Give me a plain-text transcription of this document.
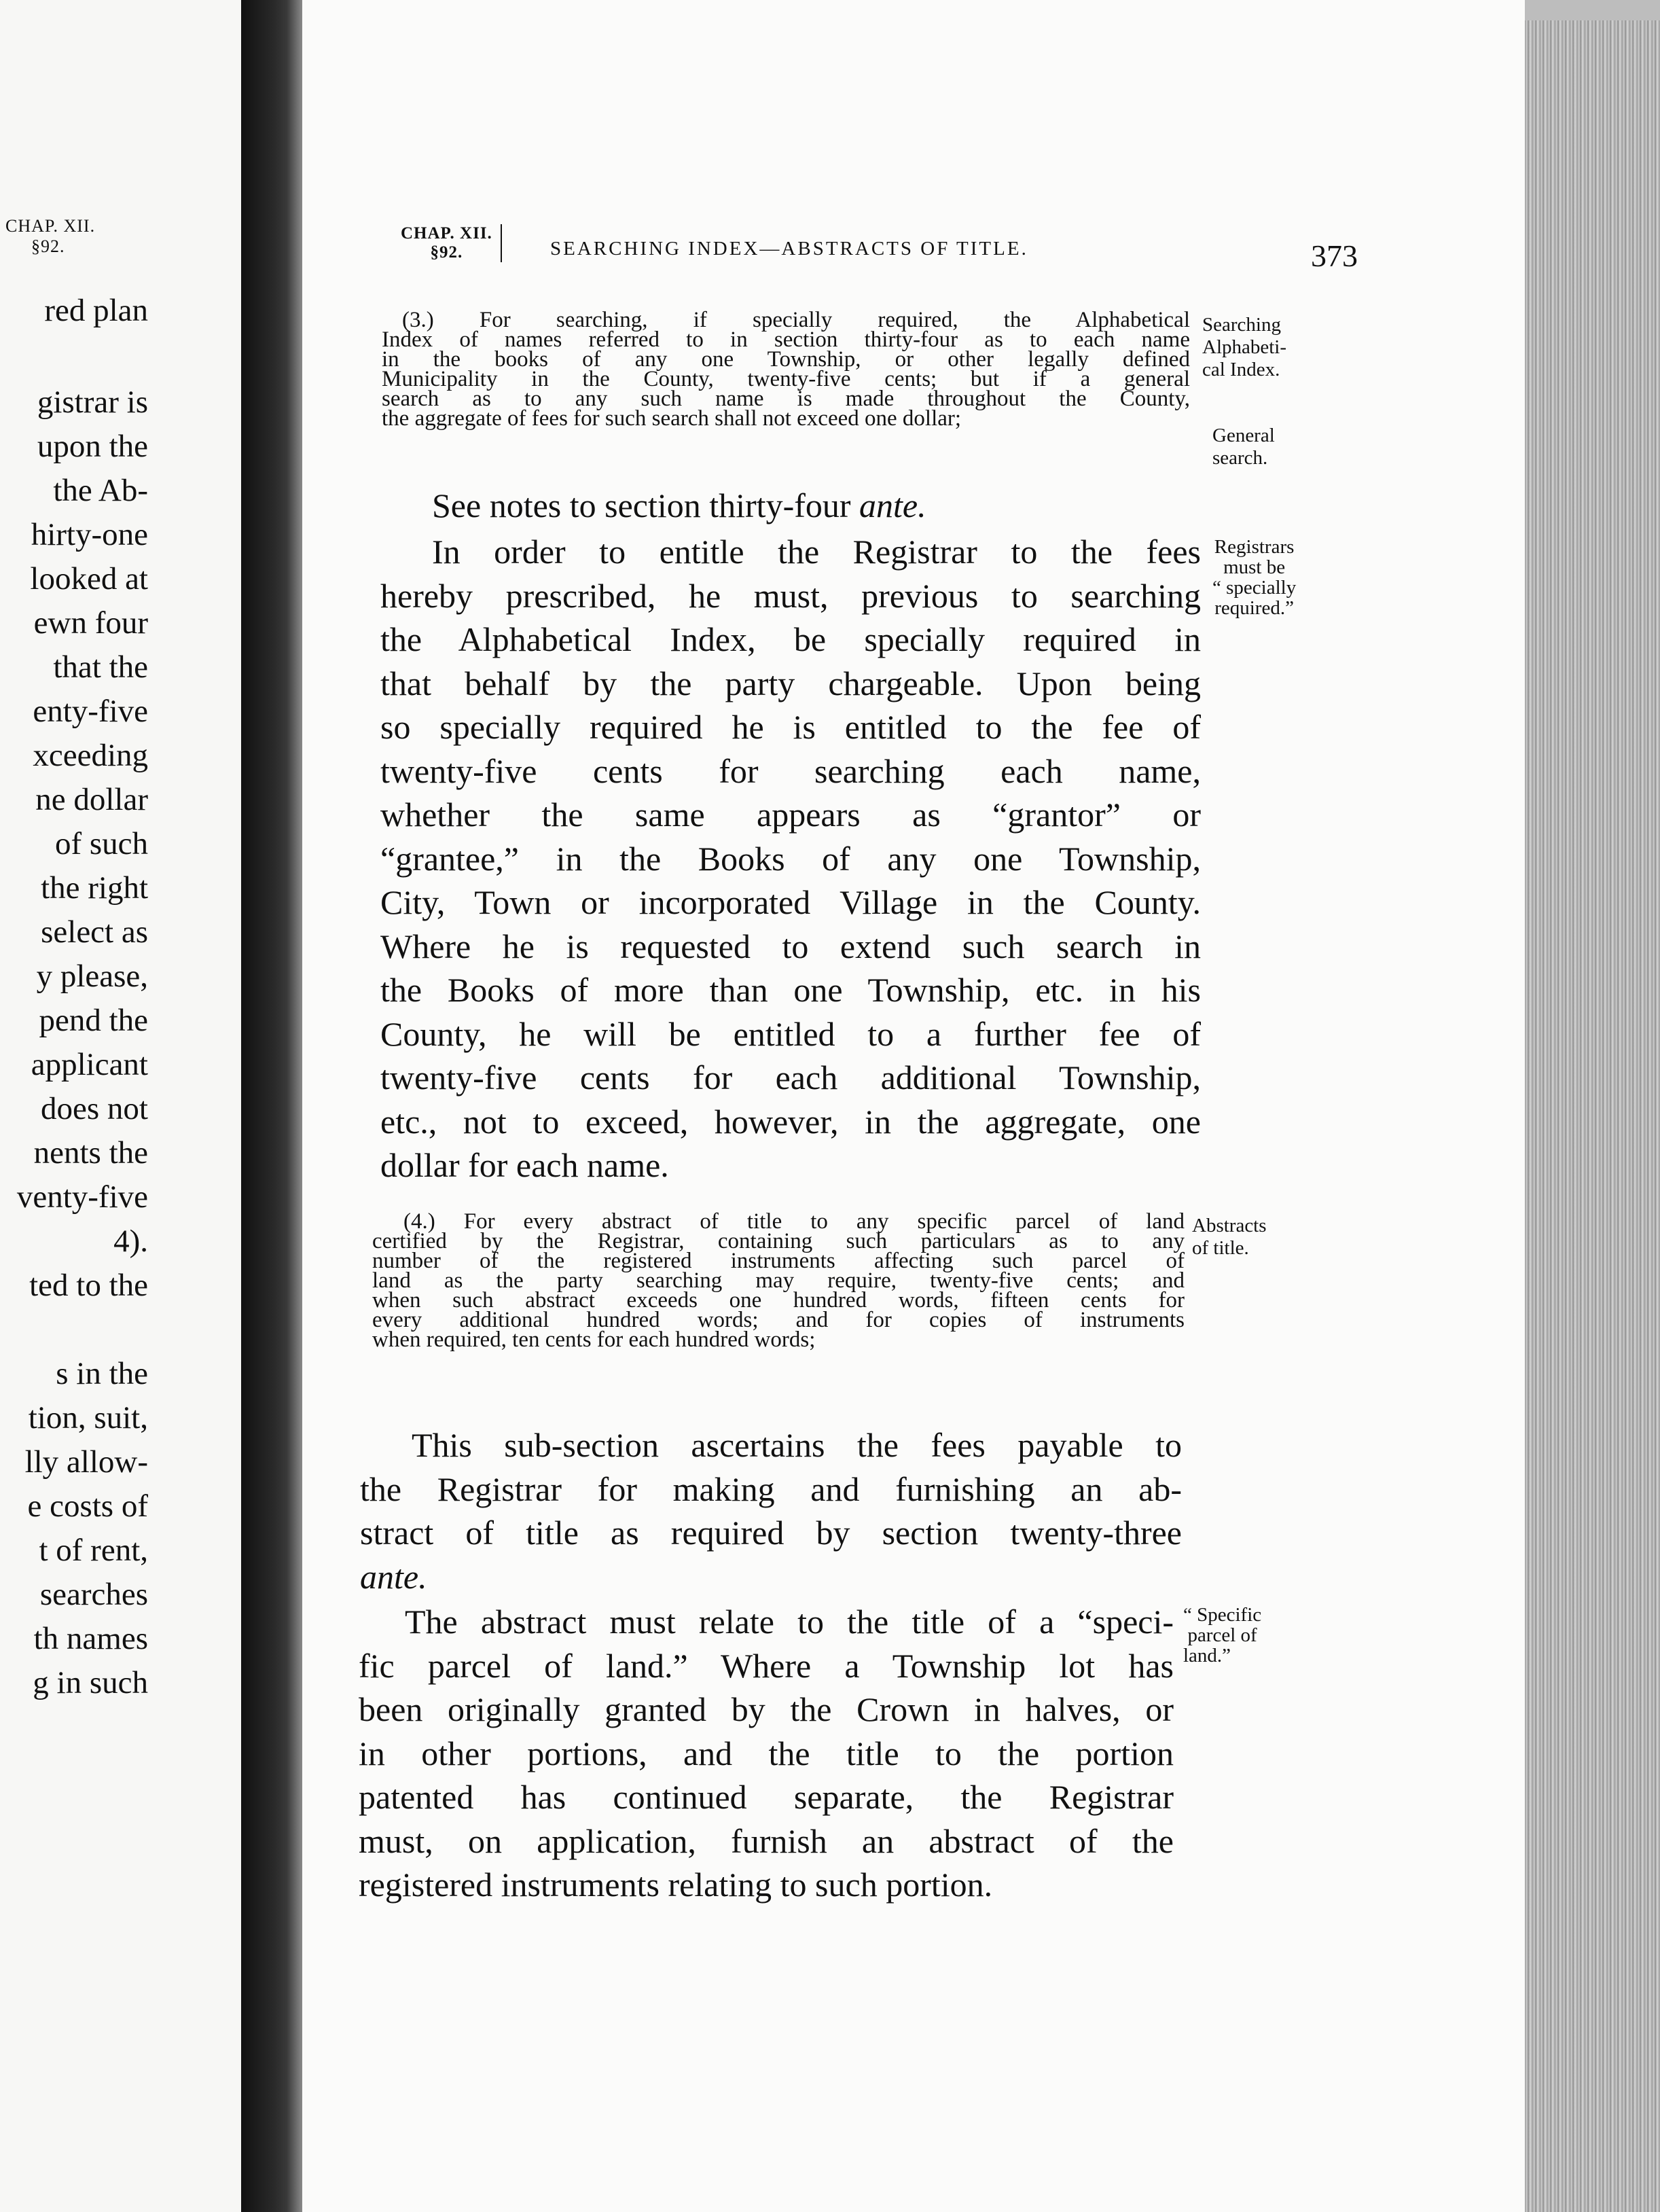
CHAP. XII.
§92.
red plan
gistrar is
upon the
the Ab-
hirty-one
looked at
ewn four
that the
enty-five
xceeding
ne dollar
of such
the right
select as
y please,
pend the
applicant
does not
nents the
venty-five
4).
ted to the
s in the
tion, suit,
lly allow-
e costs of
t of rent,
searches
th names
g in such
CHAP. XII.
§92.	SEARCHING INDEX—ABSTRACTS OF TITLE.	373
(3.) For searching, if specially required, the Alphabetical
Index of names referred to in section thirty-four as to each name
in the books of any one Township, or other legally defined
Municipality in the County, twenty-five cents; but if a general
search as to any such name is made throughout the County,
the aggregate of fees for such search shall not exceed one dollar;
Searching
Alphabeti-
cal Index.
General
search.
See notes to section thirty-four ante.
In order to entitle the Registrar to the fees
hereby prescribed, he must, previous to searching
the Alphabetical Index, be specially required in
that behalf by the party chargeable. Upon being
so specially required he is entitled to the fee of
twenty-five cents for searching each name,
whether the same appears as “grantor” or
“grantee,” in the Books of any one Township,
City, Town or incorporated Village in the County.
Where he is requested to extend such search in
the Books of more than one Township, etc. in his
County, he will be entitled to a further fee of
twenty-five cents for each additional Township,
etc., not to exceed, however, in the aggregate, one
dollar for each name.
Registrars
must be
“ specially
required.”
(4.) For every abstract of title to any specific parcel of land
certified by the Registrar, containing such particulars as to any
number of the registered instruments affecting such parcel of
land as the party searching may require, twenty-five cents; and
when such abstract exceeds one hundred words, fifteen cents for
every additional hundred words; and for copies of instruments
when required, ten cents for each hundred words;
Abstracts
of title.
This sub-section ascertains the fees payable to
the Registrar for making and furnishing an ab-
stract of title as required by section twenty-three
ante.
The abstract must relate to the title of a “speci-
fic parcel of land.” Where a Township lot has
been originally granted by the Crown in halves, or
in other portions, and the title to the portion
patented has continued separate, the Registrar
must, on application, furnish an abstract of the
registered instruments relating to such portion.
“ Specific
parcel of
land.”
